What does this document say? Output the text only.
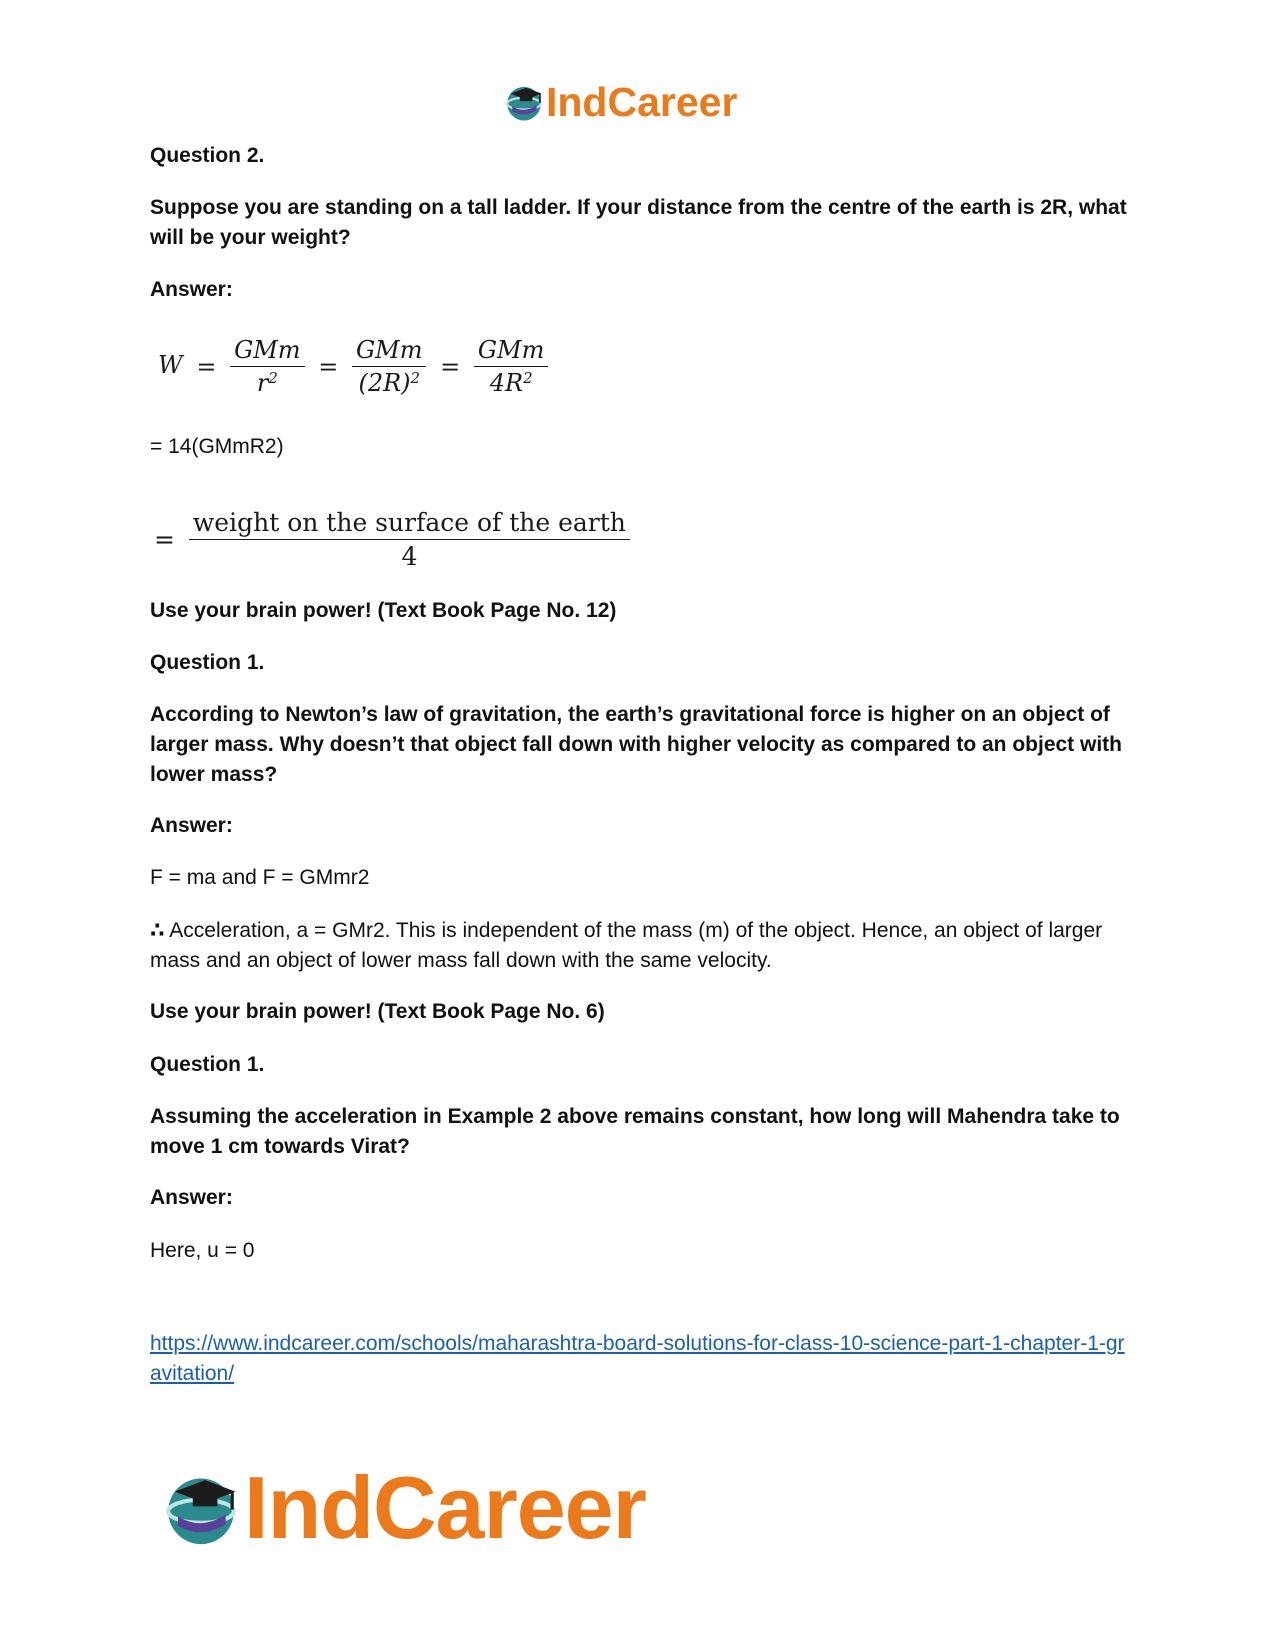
IndCareer
Question 2.
Suppose you are standing on a tall ladder. If your distance from the centre of the earth is 2R, what will be your weight?
Answer:
$W = \frac{\text{GMm}}{r^2} = \frac{\text{GMm}}{(2R)^2} = \frac{\text{GMm}}{4R^2}$
= 14(GMmR2)
= $\frac{\text{weight on the surface of the earth}}{4}$
Use your brain power! (Text Book Page No. 12)
Question 1.
According to Newton’s law of gravitation, the earth’s gravitational force is higher on an object of larger mass. Why doesn’t that object fall down with higher velocity as compared to an object with lower mass?
Answer:
F = ma and F = GMmr2
∴ Acceleration, a = GMr2. This is independent of the mass (m) of the object. Hence, an object of larger mass and an object of lower mass fall down with the same velocity.
Use your brain power! (Text Book Page No. 6)
Question 1.
Assuming the acceleration in Example 2 above remains constant, how long will Mahendra take to move 1 cm towards Virat?
Answer:
Here, u = 0
https://www.indcareer.com/schools/maharashtra-board-solutions-for-class-10-science-part-1-chapter-1-gravitation/
IndCareer
